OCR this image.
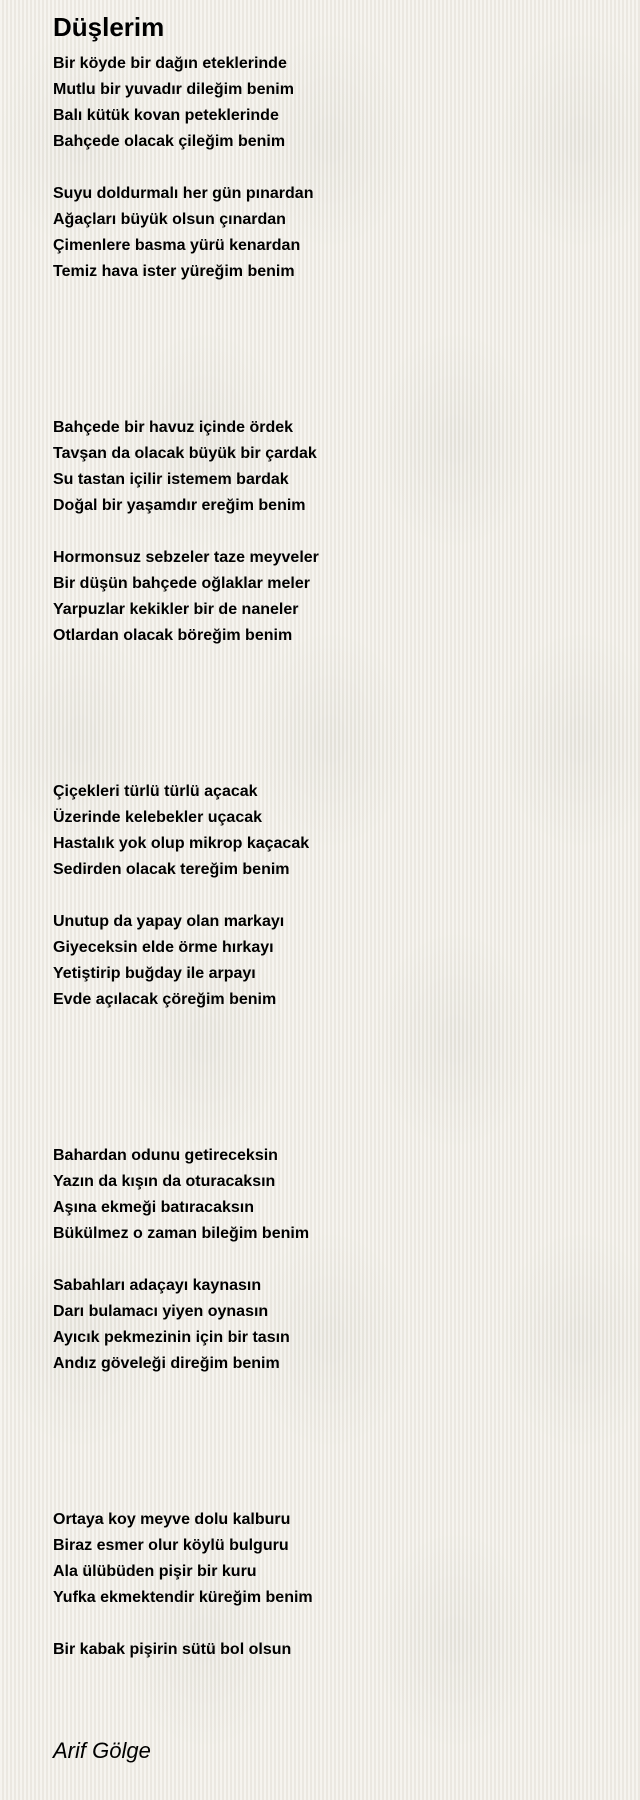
Düşlerim
Bir köyde bir dağın eteklerinde
Mutlu bir yuvadır dileğim benim
Balı kütük kovan peteklerinde
Bahçede olacak çileğim benim
Suyu doldurmalı her gün pınardan
Ağaçları büyük olsun çınardan
Çimenlere basma yürü kenardan
Temiz hava ister yüreğim benim
Bahçede bir havuz içinde ördek
Tavşan da olacak büyük bir çardak
Su tastan içilir istemem bardak
Doğal bir yaşamdır ereğim benim
Hormonsuz sebzeler taze meyveler
Bir düşün bahçede oğlaklar meler
Yarpuzlar kekikler bir de naneler
Otlardan olacak böreğim benim
Çiçekleri türlü türlü açacak
Üzerinde kelebekler uçacak
Hastalık yok olup mikrop kaçacak
Sedirden olacak tereğim benim
Unutup da yapay olan markayı
Giyeceksin elde örme hırkayı
Yetiştirip buğday ile arpayı
Evde açılacak çöreğim benim
Bahardan odunu getireceksin
Yazın da kışın da oturacaksın
Aşına ekmeği batıracaksın
Bükülmez o zaman bileğim benim
Sabahları adaçayı kaynasın
Darı bulamacı yiyen oynasın
Ayıcık pekmezinin için bir tasın
Andız göveleği direğim benim
Ortaya koy meyve dolu kalburu
Biraz esmer olur köylü bulguru
Ala ülübüden pişir bir kuru
Yufka ekmektendir küreğim benim
Bir kabak pişirin sütü bol olsun
Arif Gölge
